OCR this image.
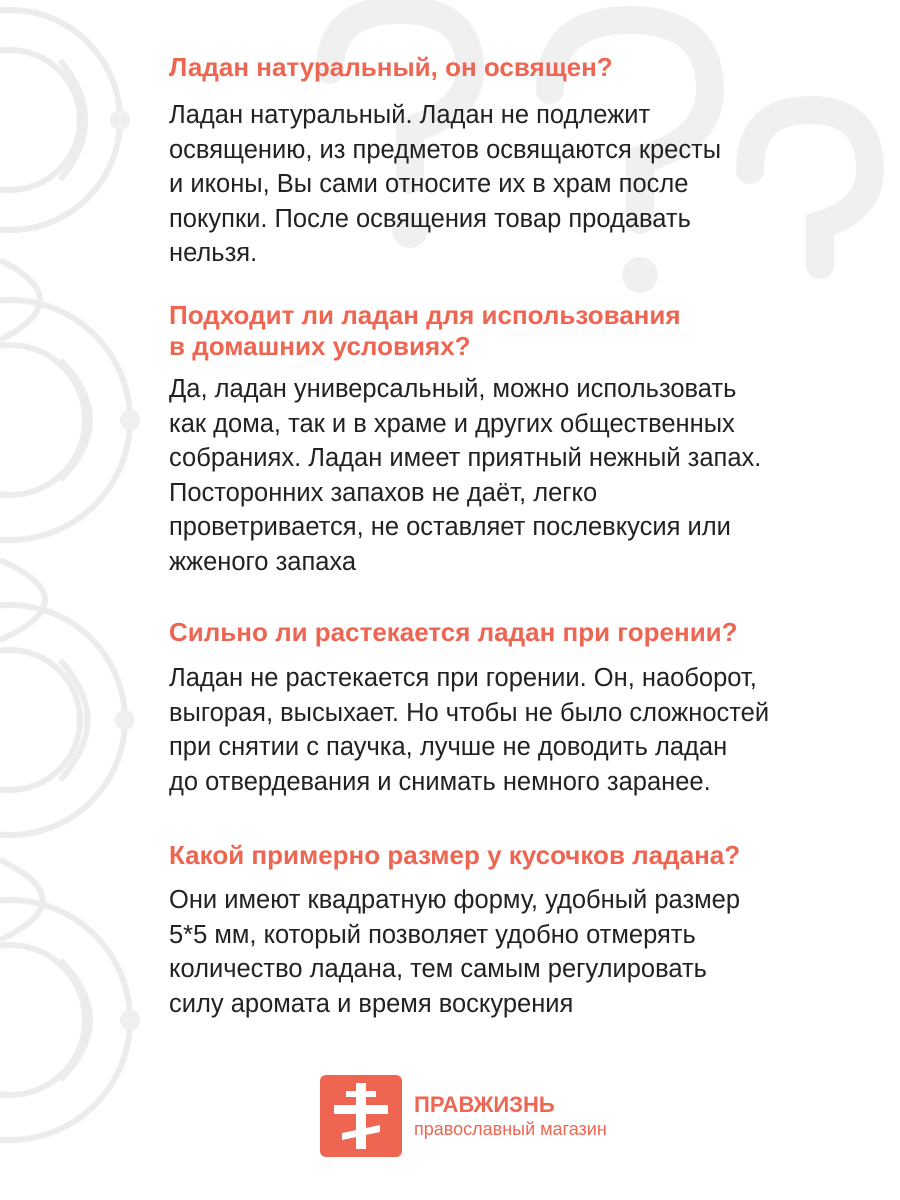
Ладан натуральный, он освящен?

Ладан натуральный. Ладан не подлежит
освящению, из предметов освящаются кресты
и иконы, Вы сами относите их в храм после
покупки. После освящения товар продавать
нельзя.

Подходит ли ладан для использования
в домашних условиях?

Да, ладан универсальный, можно использовать
как дома, так и в храме и других общественных
собраниях. Ладан имеет приятный нежный запах.
Посторонних запахов не даёт, легко
проветривается, не оставляет послевкусия или
жженого запаха

Сильно ли растекается ладан при горении?

Ладан не растекается при горении. Он, наоборот,
выгорая, высыхает. Но чтобы не было сложностей
при снятии с паучка, лучше не доводить ладан
до отвердевания и снимать немного заранее.

Какой примерно размер у кусочков ладана?

Они имеют квадратную форму, удобный размер
5*5 мм, который позволяет удобно отмерять
количество ладана, тем самым регулировать
силу аромата и время воскурения

ПРАВЖИЗНЬ
православный магазин
